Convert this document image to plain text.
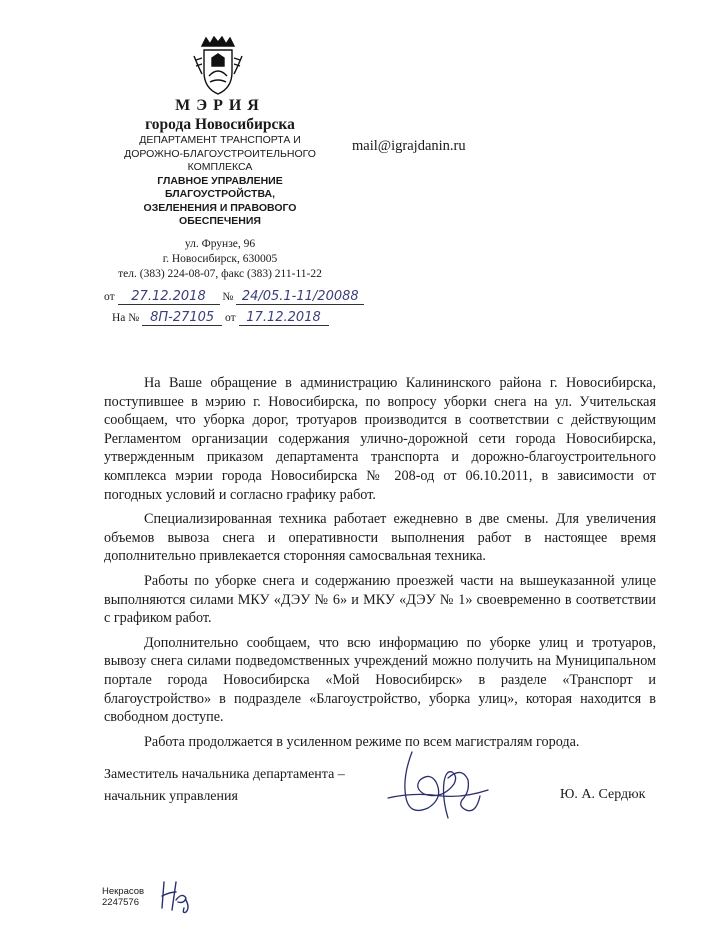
МЭРИЯ
города Новосибирска
ДЕПАРТАМЕНТ ТРАНСПОРТА И
ДОРОЖНО-БЛАГОУСТРОИТЕЛЬНОГО
КОМПЛЕКСА
ГЛАВНОЕ УПРАВЛЕНИЕ
БЛАГОУСТРОЙСТВА,
ОЗЕЛЕНЕНИЯ И ПРАВОВОГО
ОБЕСПЕЧЕНИЯ
ул. Фрунзе, 96
г. Новосибирск, 630005
тел. (383) 224-08-07, факс (383) 211-11-22
mail@igrajdanin.ru
от 27.12.2018 № 24/05.1-11/20088
На № 8П-27105 от 17.12.2018

На Ваше обращение в администрацию Калининского района г. Новосибирска, поступившее в мэрию г. Новосибирска, по вопросу уборки снега на ул. Учительская сообщаем, что уборка дорог, тротуаров производится в соответствии с действующим Регламентом организации содержания улично-дорожной сети города Новосибирска, утвержденным приказом департамента транспорта и дорожно-благоустроительного комплекса мэрии города Новосибирска № 208-од от 06.10.2011, в зависимости от погодных условий и согласно графику работ.

Специализированная техника работает ежедневно в две смены. Для увеличения объемов вывоза снега и оперативности выполнения работ в настоящее время дополнительно привлекается сторонняя самосвальная техника.

Работы по уборке снега и содержанию проезжей части на вышеуказанной улице выполняются силами МКУ «ДЭУ № 6» и МКУ «ДЭУ № 1» своевременно в соответствии с графиком работ.

Дополнительно сообщаем, что всю информацию по уборке улиц и тротуаров, вывозу снега силами подведомственных учреждений можно получить на Муниципальном портале города Новосибирска «Мой Новосибирск» в разделе «Транспорт и благоустройство» в подразделе «Благоустройство, уборка улиц», которая находится в свободном доступе.

Работа продолжается в усиленном режиме по всем магистралям города.

Заместитель начальника департамента –
начальник управления	Ю. А. Сердюк
Некрасов
2247576
